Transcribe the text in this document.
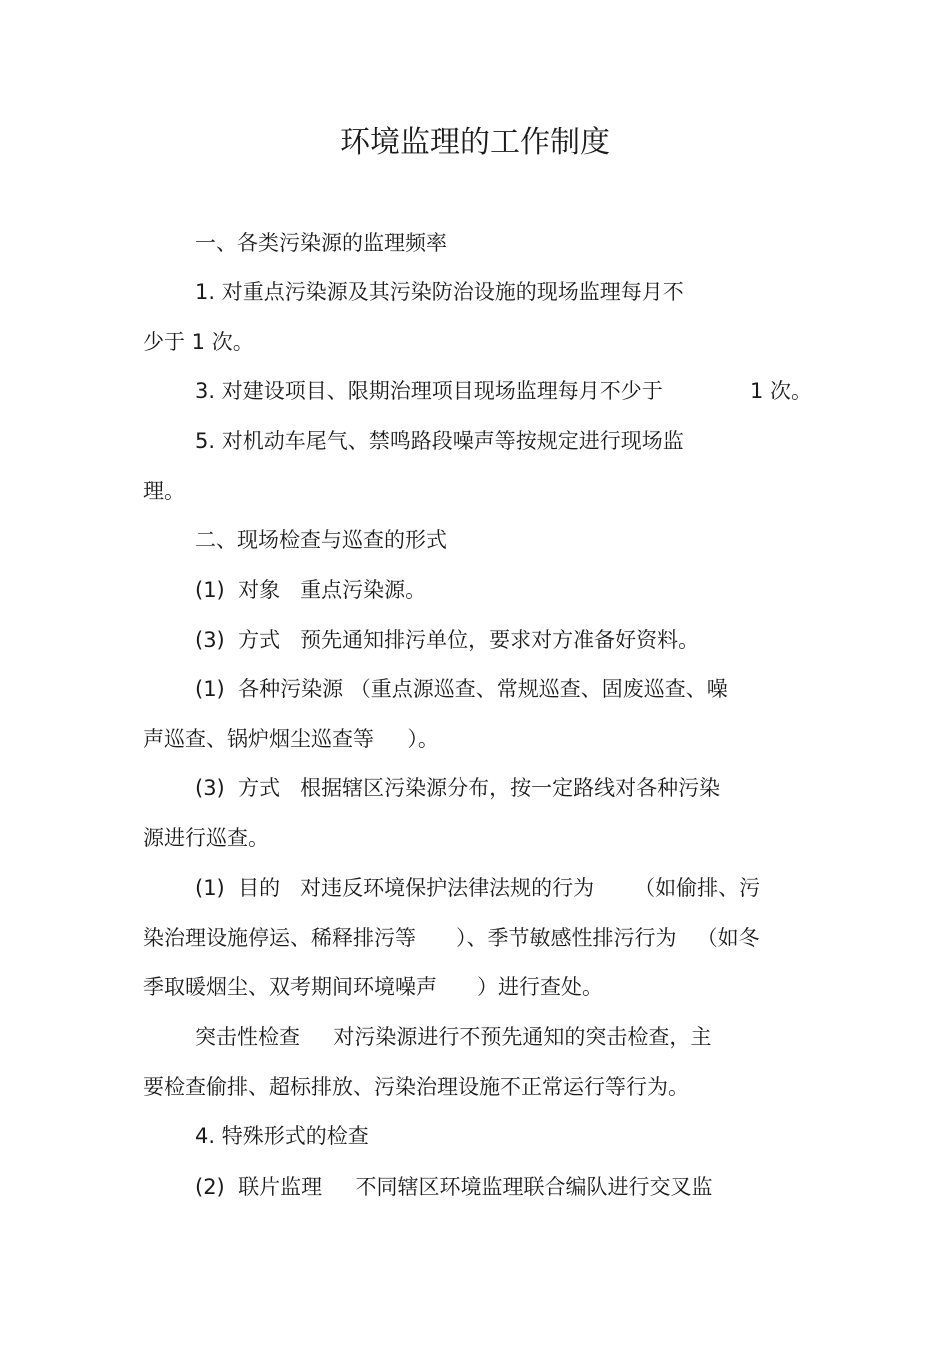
环境监理的工作制度
一、各类污染源的监理频率
1. 对重点污染源及其污染防治设施的现场监理每月不
少于 1 次。
3. 对建设项目、限期治理项目现场监理每月不少于	1 次。
5. 对机动车尾气、禁鸣路段噪声等按规定进行现场监
理。
二、现场检查与巡查的形式
(1)  对象   重点污染源。
(3)  方式   预先通知排污单位，要求对方准备好资料。
(1)  各种污染源 （重点源巡查、常规巡查、固废巡查、噪
声巡查、锅炉烟尘巡查等     ）。
(3)  方式   根据辖区污染源分布，按一定路线对各种污染
源进行巡查。
(1)  目的   对违反环境保护法律法规的行为      （如偷排、污
染治理设施停运、稀释排污等      ）、季节敏感性排污行为   （如冬
季取暖烟尘、双考期间环境噪声      ）进行查处。
突击性检查     对污染源进行不预先通知的突击检查，主
要检查偷排、超标排放、污染治理设施不正常运行等行为。
4. 特殊形式的检查
(2)  联片监理     不同辖区环境监理联合编队进行交叉监
